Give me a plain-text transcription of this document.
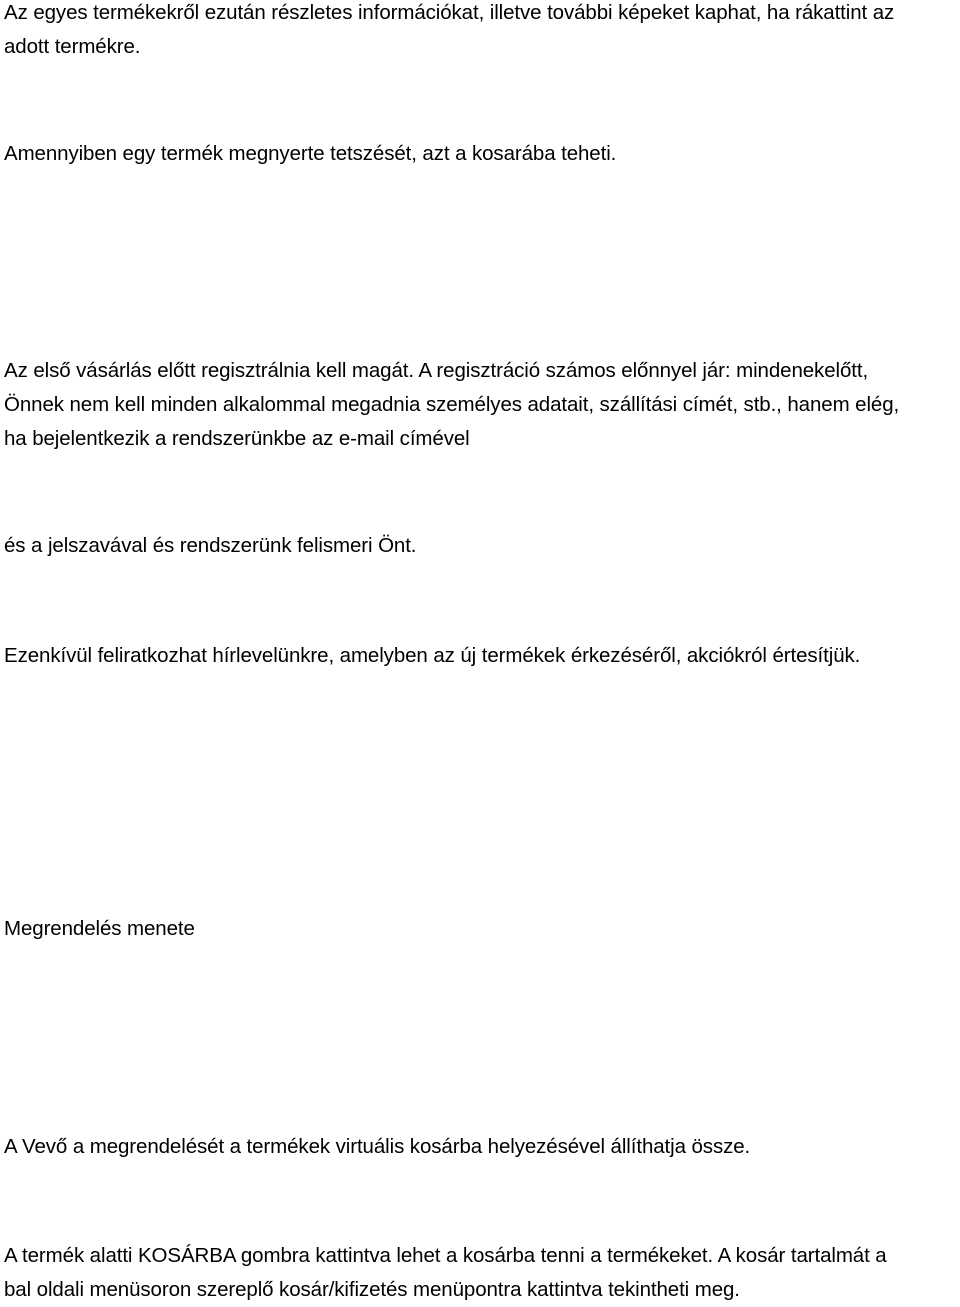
Az egyes termékekről ezután részletes információkat, illetve további képeket kaphat, ha rákattint az
adott termékre.

Amennyiben egy termék megnyerte tetszését, azt a kosarába teheti.

Az első vásárlás előtt regisztrálnia kell magát. A regisztráció számos előnnyel jár: mindenekelőtt,
Önnek nem kell minden alkalommal megadnia személyes adatait, szállítási címét, stb., hanem elég,
ha bejelentkezik a rendszerünkbe az e-mail címével

és a jelszavával és rendszerünk felismeri Önt.

Ezenkívül feliratkozhat hírlevelünkre, amelyben az új termékek érkezéséről, akciókról értesítjük.

Megrendelés menete

A Vevő a megrendelését a termékek virtuális kosárba helyezésével állíthatja össze.

A termék alatti KOSÁRBA gombra kattintva lehet a kosárba tenni a termékeket. A kosár tartalmát a
bal oldali menüsoron szereplő kosár/kifizetés menüpontra kattintva tekintheti meg.
